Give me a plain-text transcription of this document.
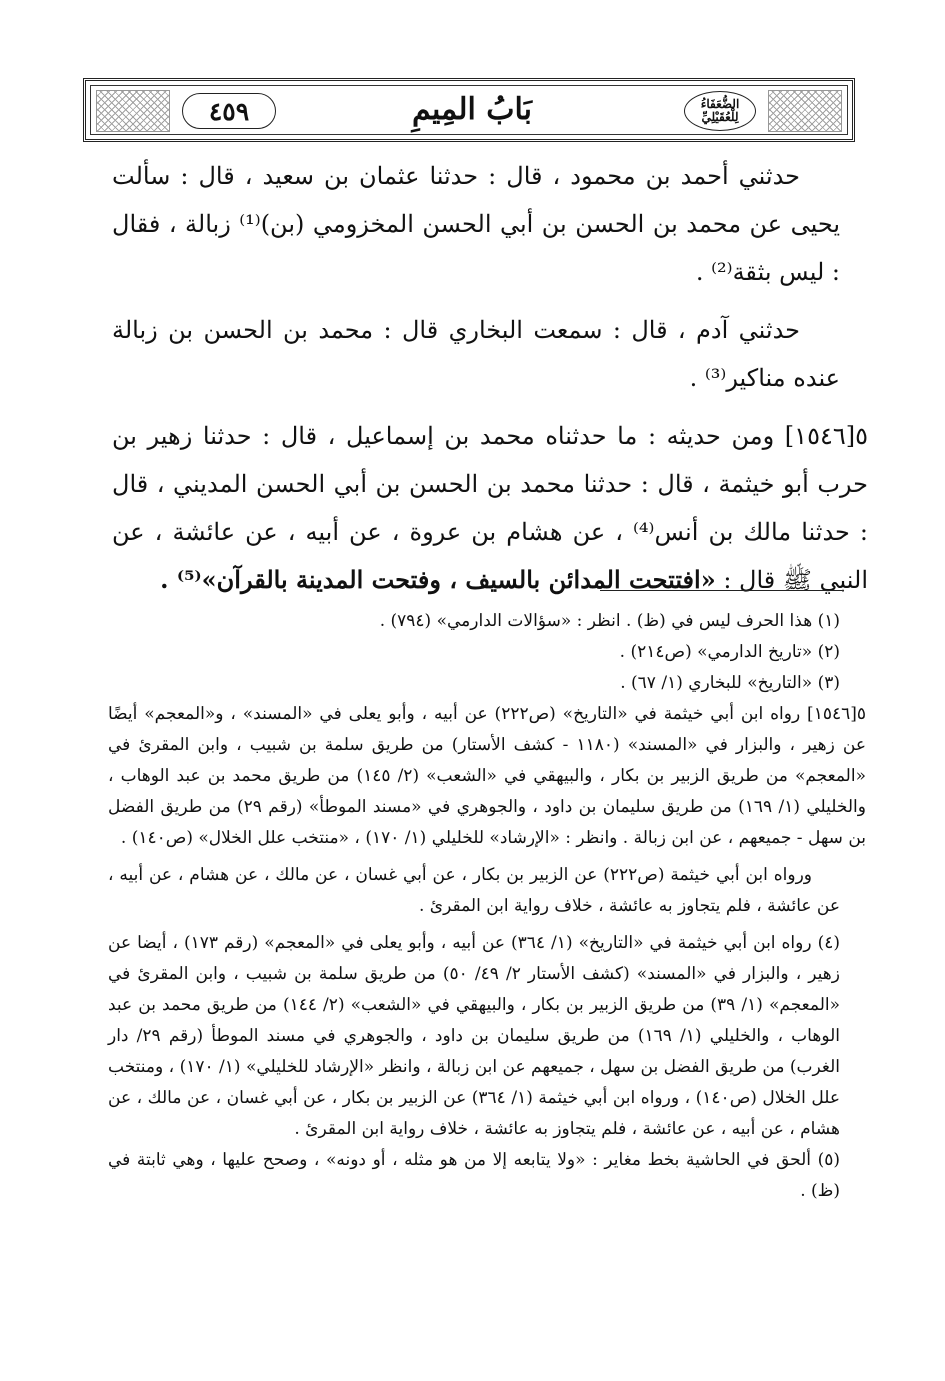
٤٥٩	بَابُ المِيمِ	الضُّعَفَاءُ لِلْعُقَيْلِيِّ

حدثني أحمد بن محمود ، قال : حدثنا عثمان بن سعيد ، قال : سألت يحيى عن محمد بن الحسن بن أبي الحسن المخزومي (بن)⁽¹⁾ زبالة ، فقال : ليس بثقة⁽²⁾ .

حدثني آدم ، قال : سمعت البخاري قال : محمد بن الحسن بن زبالة عنده مناكير⁽³⁾ .

٥[١٥٤٦] ومن حديثه : ما حدثناه محمد بن إسماعيل ، قال : حدثنا زهير بن حرب أبو خيثمة ، قال : حدثنا محمد بن الحسن بن أبي الحسن المديني ، قال : حدثنا مالك بن أنس⁽⁴⁾ ، عن هشام بن عروة ، عن أبيه ، عن عائشة ، عن النبي ﷺ قال : «افتتحت المدائن بالسيف ، وفتحت المدينة بالقرآن»⁽⁵⁾ .

(١) هذا الحرف ليس في (ظ) . انظر : «سؤالات الدارمي» (٧٩٤) .

(٢) «تاريخ الدارمي» (ص٢١٤) .

(٣) «التاريخ» للبخاري (١/ ٦٧) .

٥[١٥٤٦] رواه ابن أبي خيثمة في «التاريخ» (ص٢٢٢) عن أبيه ، وأبو يعلى في «المسند» ، و«المعجم» أيضًا عن زهير ، والبزار في «المسند» (١١٨٠ - كشف الأستار) من طريق سلمة بن شبيب ، وابن المقرئ في «المعجم» من طريق الزبير بن بكار ، والبيهقي في «الشعب» (٢/ ١٤٥) من طريق محمد بن عبد الوهاب ، والخليلي (١/ ١٦٩) من طريق سليمان بن داود ، والجوهري في «مسند الموطأ» (رقم ٢٩) من طريق الفضل بن سهل - جميعهم ، عن ابن زبالة . وانظر : «الإرشاد» للخليلي (١/ ١٧٠) ، «منتخب علل الخلال» (ص١٤٠) .

ورواه ابن أبي خيثمة (ص٢٢٢) عن الزبير بن بكار ، عن أبي غسان ، عن مالك ، عن هشام ، عن أبيه ، عن عائشة ، فلم يتجاوز به عائشة ، خلاف رواية ابن المقرئ .

(٤) رواه ابن أبي خيثمة في «التاريخ» (١/ ٣٦٤) عن أبيه ، وأبو يعلى في «المعجم» (رقم ١٧٣) ، أيضا عن زهير ، والبزار في «المسند» (كشف الأستار ٢/ ٤٩/ ٥٠) من طريق سلمة بن شبيب ، وابن المقرئ في «المعجم» (١/ ٣٩) من طريق الزبير بن بكار ، والبيهقي في «الشعب» (٢/ ١٤٤) من طريق محمد بن عبد الوهاب ، والخليلي (١/ ١٦٩) من طريق سليمان بن داود ، والجوهري في مسند الموطأ (رقم ٢٩/ دار الغرب) من طريق الفضل بن سهل ، جميعهم عن ابن زبالة ، وانظر «الإرشاد للخليلي» (١/ ١٧٠) ، ومنتخب علل الخلال (ص١٤٠) ، ورواه ابن أبي خيثمة (١/ ٣٦٤) عن الزبير بن بكار ، عن أبي غسان ، عن مالك ، عن هشام ، عن أبيه ، عن عائشة ، فلم يتجاوز به عائشة ، خلاف رواية ابن المقرئ .

(٥) ألحق في الحاشية بخط مغاير : «ولا يتابعه إلا من هو مثله ، أو دونه» ، وصحح عليها ، وهي ثابتة في (ظ) .
